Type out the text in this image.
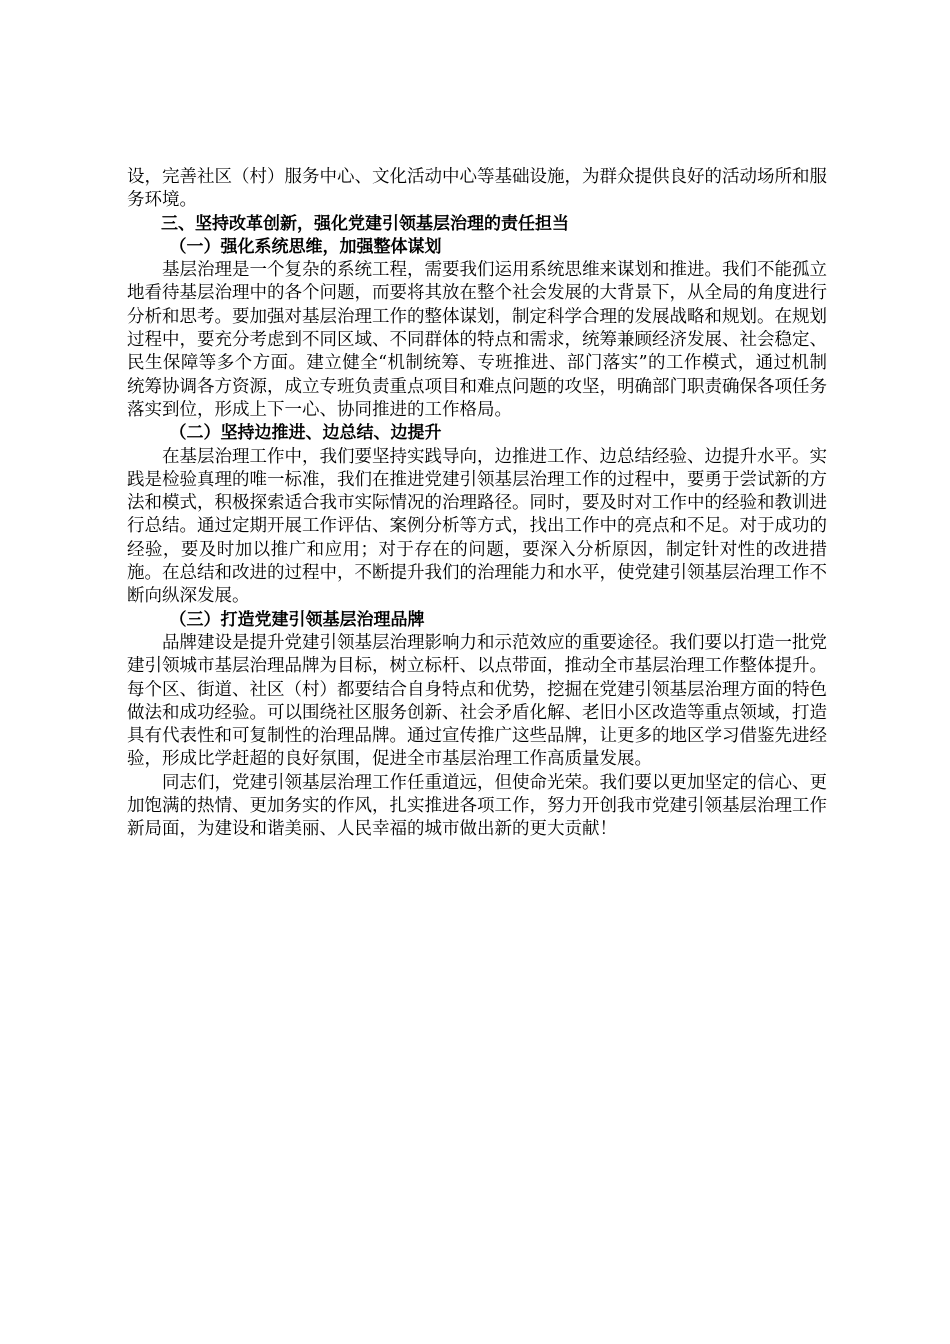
设，完善社区（村）服务中心、文化活动中心等基础设施，为群众提供良好的活动场所和服务环境。

三、坚持改革创新，强化党建引领基层治理的责任担当
（一）强化系统思维，加强整体谋划

基层治理是一个复杂的系统工程，需要我们运用系统思维来谋划和推进。我们不能孤立地看待基层治理中的各个问题，而要将其放在整个社会发展的大背景下，从全局的角度进行分析和思考。要加强对基层治理工作的整体谋划，制定科学合理的发展战略和规划。在规划过程中，要充分考虑到不同区域、不同群体的特点和需求，统筹兼顾经济发展、社会稳定、民生保障等多个方面。建立健全“机制统筹、专班推进、部门落实”的工作模式，通过机制统筹协调各方资源，成立专班负责重点项目和难点问题的攻坚，明确部门职责确保各项任务落实到位，形成上下一心、协同推进的工作格局。

（二）坚持边推进、边总结、边提升

在基层治理工作中，我们要坚持实践导向，边推进工作、边总结经验、边提升水平。实践是检验真理的唯一标准，我们在推进党建引领基层治理工作的过程中，要勇于尝试新的方法和模式，积极探索适合我市实际情况的治理路径。同时，要及时对工作中的经验和教训进行总结。通过定期开展工作评估、案例分析等方式，找出工作中的亮点和不足。对于成功的经验，要及时加以推广和应用；对于存在的问题，要深入分析原因，制定针对性的改进措施。在总结和改进的过程中，不断提升我们的治理能力和水平，使党建引领基层治理工作不断向纵深发展。

（三）打造党建引领基层治理品牌

品牌建设是提升党建引领基层治理影响力和示范效应的重要途径。我们要以打造一批党建引领城市基层治理品牌为目标，树立标杆、以点带面，推动全市基层治理工作整体提升。每个区、街道、社区（村）都要结合自身特点和优势，挖掘在党建引领基层治理方面的特色做法和成功经验。可以围绕社区服务创新、社会矛盾化解、老旧小区改造等重点领域，打造具有代表性和可复制性的治理品牌。通过宣传推广这些品牌，让更多的地区学习借鉴先进经验，形成比学赶超的良好氛围，促进全市基层治理工作高质量发展。

同志们，党建引领基层治理工作任重道远，但使命光荣。我们要以更加坚定的信心、更加饱满的热情、更加务实的作风，扎实推进各项工作，努力开创我市党建引领基层治理工作新局面，为建设和谐美丽、人民幸福的城市做出新的更大贡献！
